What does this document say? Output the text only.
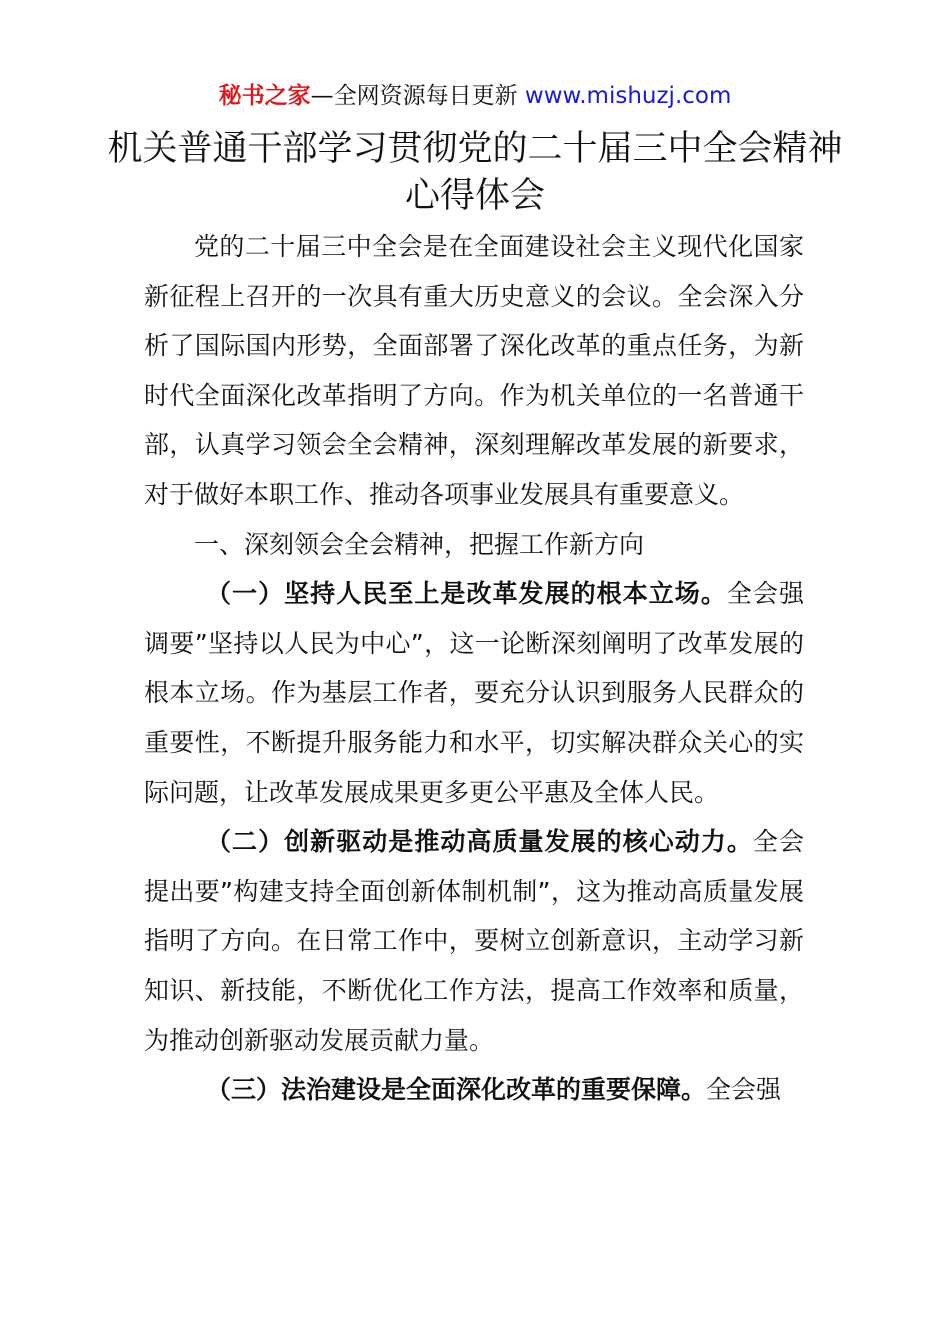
秘书之家—全网资源每日更新 www.mishuzj.com
机关普通干部学习贯彻党的二十届三中全会精神心得体会

党的二十届三中全会是在全面建设社会主义现代化国家新征程上召开的一次具有重大历史意义的会议。全会深入分析了国际国内形势，全面部署了深化改革的重点任务，为新时代全面深化改革指明了方向。作为机关单位的一名普通干部，认真学习领会全会精神，深刻理解改革发展的新要求，对于做好本职工作、推动各项事业发展具有重要意义。

一、深刻领会全会精神，把握工作新方向

（一）坚持人民至上是改革发展的根本立场。全会强调要”坚持以人民为中心”，这一论断深刻阐明了改革发展的根本立场。作为基层工作者，要充分认识到服务人民群众的重要性，不断提升服务能力和水平，切实解决群众关心的实际问题，让改革发展成果更多更公平惠及全体人民。

（二）创新驱动是推动高质量发展的核心动力。全会提出要”构建支持全面创新体制机制”，这为推动高质量发展指明了方向。在日常工作中，要树立创新意识，主动学习新知识、新技能，不断优化工作方法，提高工作效率和质量，为推动创新驱动发展贡献力量。

（三）法治建设是全面深化改革的重要保障。全会强
